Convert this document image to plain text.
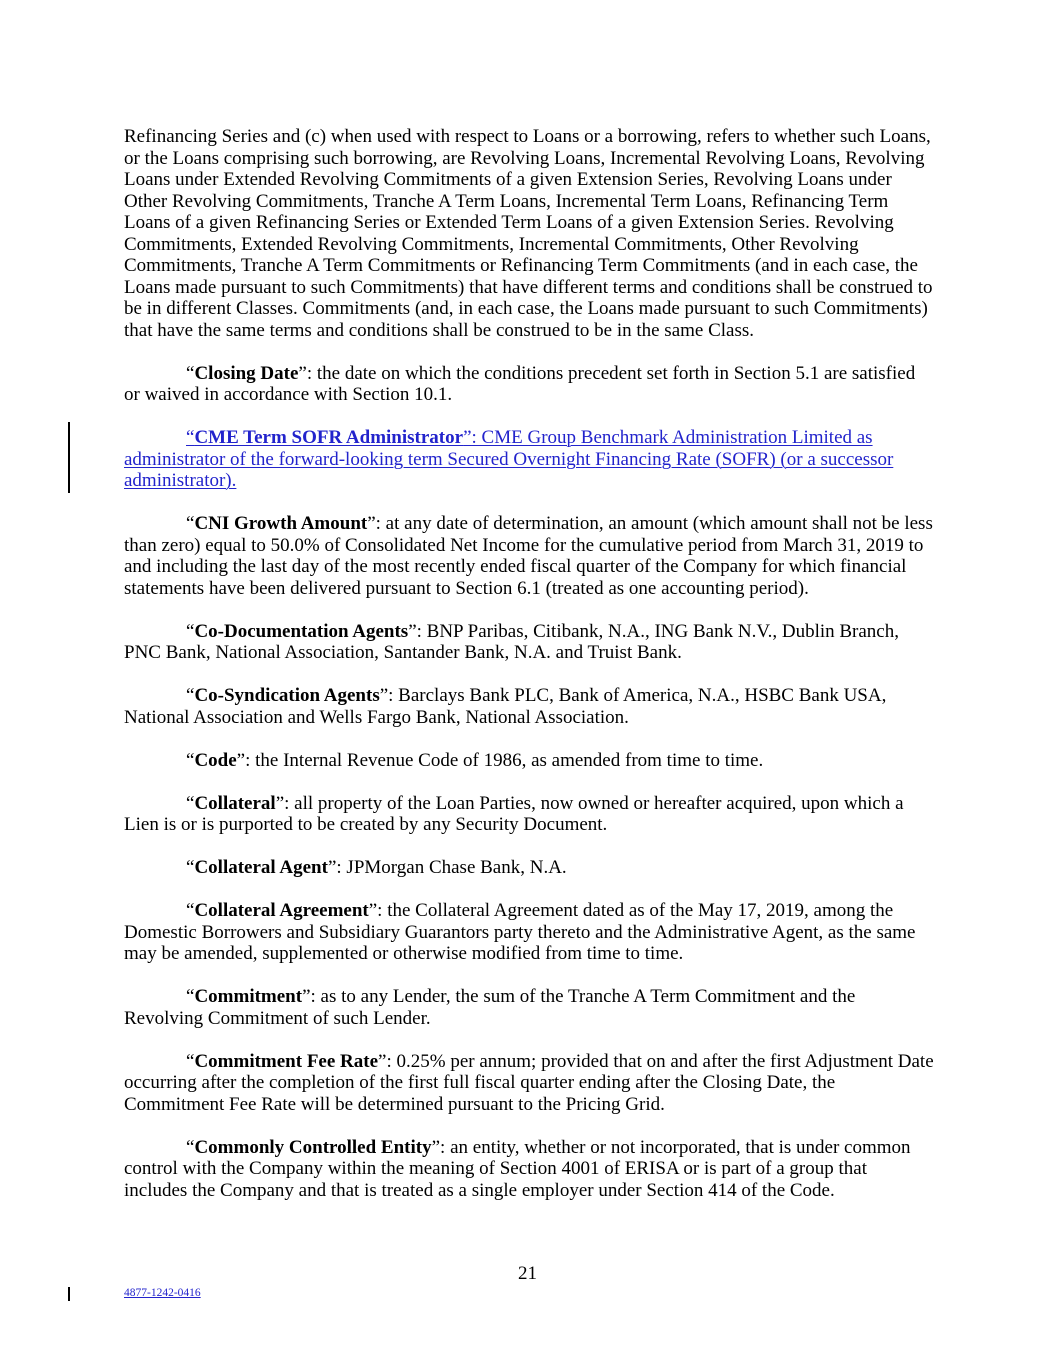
Refinancing Series and (c) when used with respect to Loans or a borrowing, refers to whether such Loans, or the Loans comprising such borrowing, are Revolving Loans, Incremental Revolving Loans, Revolving Loans under Extended Revolving Commitments of a given Extension Series, Revolving Loans under Other Revolving Commitments, Tranche A Term Loans, Incremental Term Loans, Refinancing Term Loans of a given Refinancing Series or Extended Term Loans of a given Extension Series. Revolving Commitments, Extended Revolving Commitments, Incremental Commitments, Other Revolving Commitments, Tranche A Term Commitments or Refinancing Term Commitments (and in each case, the Loans made pursuant to such Commitments) that have different terms and conditions shall be construed to be in different Classes. Commitments (and, in each case, the Loans made pursuant to such Commitments) that have the same terms and conditions shall be construed to be in the same Class.

“Closing Date”: the date on which the conditions precedent set forth in Section 5.1 are satisfied or waived in accordance with Section 10.1.

“CME Term SOFR Administrator”: CME Group Benchmark Administration Limited as administrator of the forward-looking term Secured Overnight Financing Rate (SOFR) (or a successor administrator).

“CNI Growth Amount”: at any date of determination, an amount (which amount shall not be less than zero) equal to 50.0% of Consolidated Net Income for the cumulative period from March 31, 2019 to and including the last day of the most recently ended fiscal quarter of the Company for which financial statements have been delivered pursuant to Section 6.1 (treated as one accounting period).

“Co-Documentation Agents”: BNP Paribas, Citibank, N.A., ING Bank N.V., Dublin Branch, PNC Bank, National Association, Santander Bank, N.A. and Truist Bank.

“Co-Syndication Agents”: Barclays Bank PLC, Bank of America, N.A., HSBC Bank USA, National Association and Wells Fargo Bank, National Association.

“Code”: the Internal Revenue Code of 1986, as amended from time to time.

“Collateral”: all property of the Loan Parties, now owned or hereafter acquired, upon which a Lien is or is purported to be created by any Security Document.

“Collateral Agent”: JPMorgan Chase Bank, N.A.

“Collateral Agreement”: the Collateral Agreement dated as of the May 17, 2019, among the Domestic Borrowers and Subsidiary Guarantors party thereto and the Administrative Agent, as the same may be amended, supplemented or otherwise modified from time to time.

“Commitment”: as to any Lender, the sum of the Tranche A Term Commitment and the Revolving Commitment of such Lender.

“Commitment Fee Rate”: 0.25% per annum; provided that on and after the first Adjustment Date occurring after the completion of the first full fiscal quarter ending after the Closing Date, the Commitment Fee Rate will be determined pursuant to the Pricing Grid.

“Commonly Controlled Entity”: an entity, whether or not incorporated, that is under common control with the Company within the meaning of Section 4001 of ERISA or is part of a group that includes the Company and that is treated as a single employer under Section 414 of the Code.

21
4877-1242-0416
